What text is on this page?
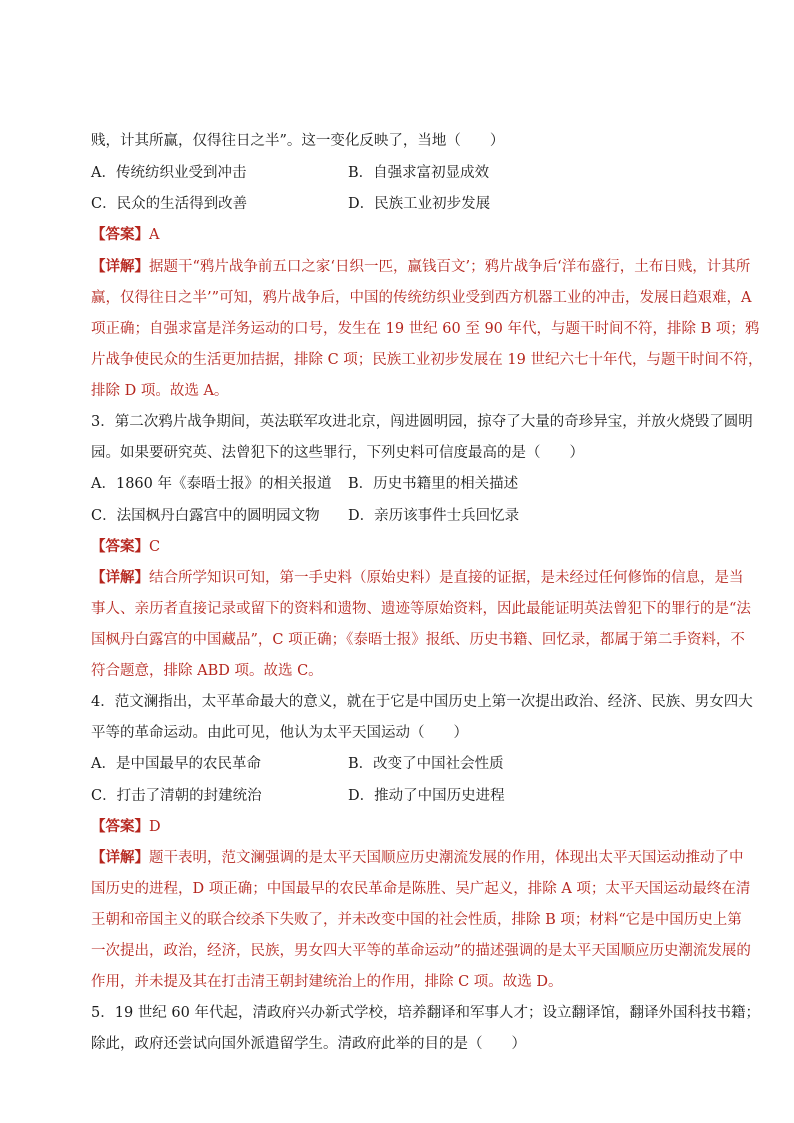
贱，计其所赢，仅得往日之半”。这一变化反映了，当地（　　）
A．传统纺织业受到冲击	B．自强求富初显成效
C．民众的生活得到改善	D．民族工业初步发展
【答案】A
【详解】据题干“鸦片战争前五口之家‘日织一匹，赢钱百文’；鸦片战争后‘洋布盛行，土布日贱，计其所
赢，仅得往日之半’”可知，鸦片战争后，中国的传统纺织业受到西方机器工业的冲击，发展日趋艰难，A
项正确；自强求富是洋务运动的口号，发生在 19 世纪 60 至 90 年代，与题干时间不符，排除 B 项；鸦
片战争使民众的生活更加拮据，排除 C 项；民族工业初步发展在 19 世纪六七十年代，与题干时间不符，
排除 D 项。故选 A。
3．第二次鸦片战争期间，英法联军攻进北京，闯进圆明园，掠夺了大量的奇珍异宝，并放火烧毁了圆明
园。如果要研究英、法曾犯下的这些罪行，下列史料可信度最高的是（　　）
A．1860 年《泰晤士报》的相关报道 B．历史书籍里的相关描述
C．法国枫丹白露宫中的圆明园文物 D．亲历该事件士兵回忆录
【答案】C
【详解】结合所学知识可知，第一手史料（原始史料）是直接的证据，是未经过任何修饰的信息，是当
事人、亲历者直接记录或留下的资料和遗物、遗迹等原始资料，因此最能证明英法曾犯下的罪行的是“法
国枫丹白露宫的中国藏品”，C 项正确；《泰晤士报》报纸、历史书籍、回忆录，都属于第二手资料，不
符合题意，排除 ABD 项。故选 C。
4．范文澜指出，太平革命最大的意义，就在于它是中国历史上第一次提出政治、经济、民族、男女四大
平等的革命运动。由此可见，他认为太平天国运动（　　）
A．是中国最早的农民革命	B．改变了中国社会性质
C．打击了清朝的封建统治	D．推动了中国历史进程
【答案】D
【详解】题干表明，范文澜强调的是太平天国顺应历史潮流发展的作用，体现出太平天国运动推动了中
国历史的进程，D 项正确；中国最早的农民革命是陈胜、吴广起义，排除 A 项；太平天国运动最终在清
王朝和帝国主义的联合绞杀下失败了，并未改变中国的社会性质，排除 B 项；材料“它是中国历史上第
一次提出，政治，经济，民族，男女四大平等的革命运动”的描述强调的是太平天国顺应历史潮流发展的
作用，并未提及其在打击清王朝封建统治上的作用，排除 C 项。故选 D。
5．19 世纪 60 年代起，清政府兴办新式学校，培养翻译和军事人才；设立翻译馆，翻译外国科技书籍；
除此，政府还尝试向国外派遣留学生。清政府此举的目的是（　　）
